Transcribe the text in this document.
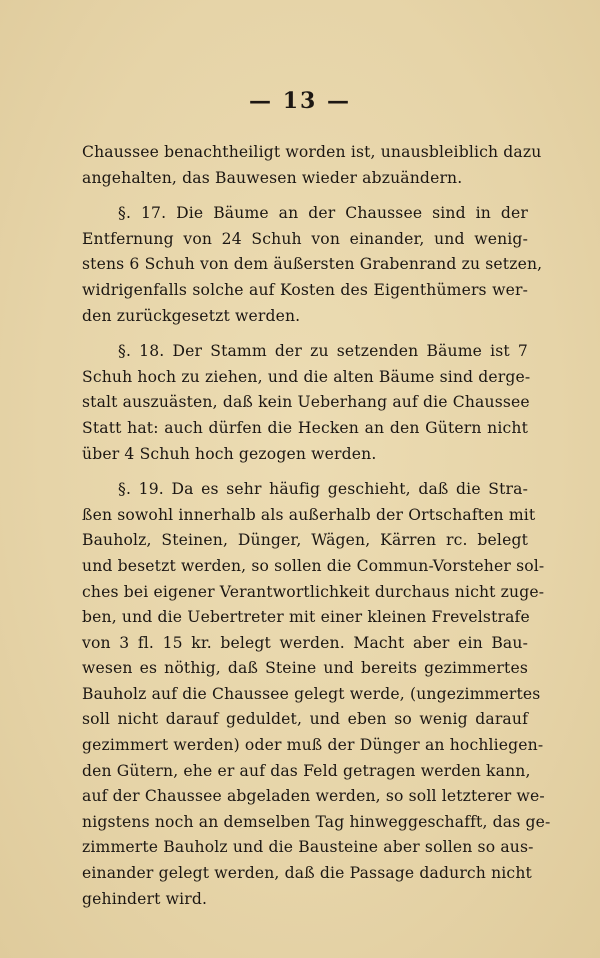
— 13 —
Chaussee benachtheiligt worden ist, unausbleiblich dazu
angehalten, das Bauwesen wieder abzuändern.
§. 17. Die Bäume an der Chaussee sind in der
Entfernung von 24 Schuh von einander, und wenig-
stens 6 Schuh von dem äußersten Grabenrand zu setzen,
widrigenfalls solche auf Kosten des Eigenthümers wer-
den zurückgesetzt werden.
§. 18. Der Stamm der zu setzenden Bäume ist 7
Schuh hoch zu ziehen, und die alten Bäume sind derge-
stalt auszuästen, daß kein Ueberhang auf die Chaussee
Statt hat: auch dürfen die Hecken an den Gütern nicht
über 4 Schuh hoch gezogen werden.
§. 19. Da es sehr häufig geschieht, daß die Stra-
ßen sowohl innerhalb als außerhalb der Ortschaften mit
Bauholz, Steinen, Dünger, Wägen, Kärren rc. belegt
und besetzt werden, so sollen die Commun-Vorsteher sol-
ches bei eigener Verantwortlichkeit durchaus nicht zuge-
ben, und die Uebertreter mit einer kleinen Frevelstrafe
von 3 fl. 15 kr. belegt werden. Macht aber ein Bau-
wesen es nöthig, daß Steine und bereits gezimmertes
Bauholz auf die Chaussee gelegt werde, (ungezimmertes
soll nicht darauf geduldet, und eben so wenig darauf
gezimmert werden) oder muß der Dünger an hochliegen-
den Gütern, ehe er auf das Feld getragen werden kann,
auf der Chaussee abgeladen werden, so soll letzterer we-
nigstens noch an demselben Tag hinweggeschafft, das ge-
zimmerte Bauholz und die Bausteine aber sollen so aus-
einander gelegt werden, daß die Passage dadurch nicht
gehindert wird.
